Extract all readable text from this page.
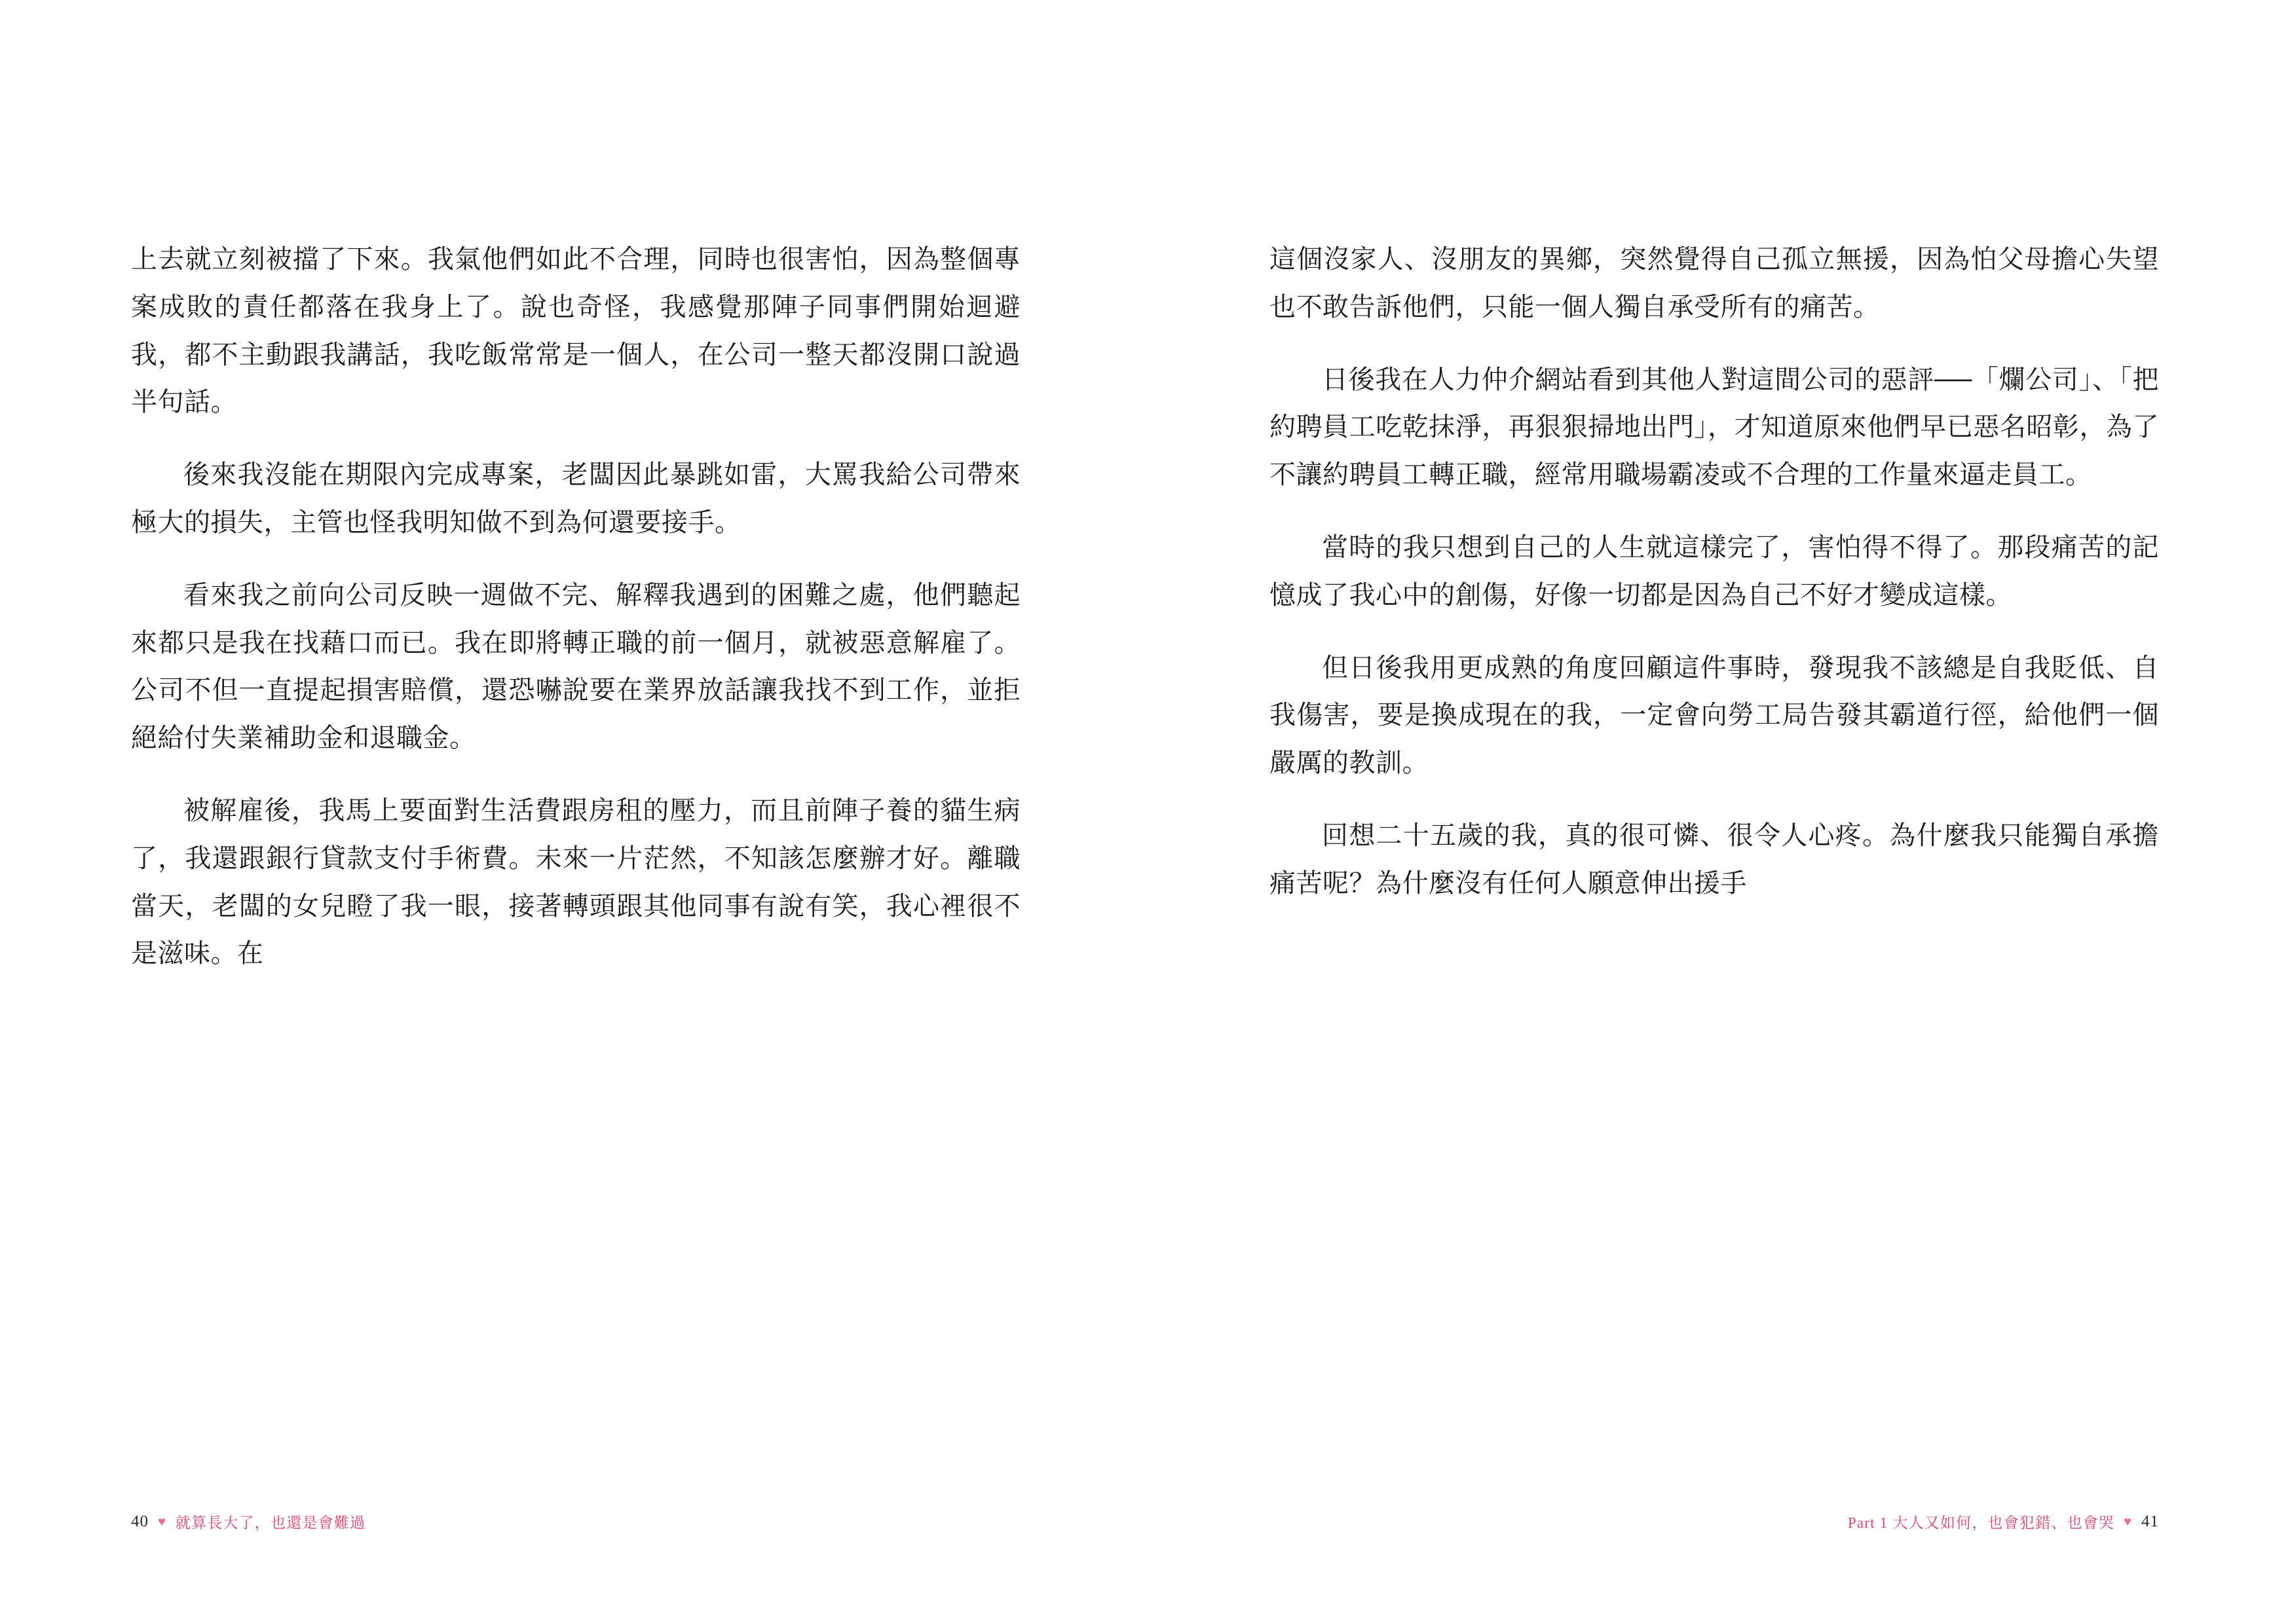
上去就立刻被擋了下來。我氣他們如此不合理，同時也很害怕，因為整個專案成敗的責任都落在我身上了。說也奇怪，我感覺那陣子同事們開始迴避我，都不主動跟我講話，我吃飯常常是一個人，在公司一整天都沒開口說過半句話。

後來我沒能在期限內完成專案，老闆因此暴跳如雷，大罵我給公司帶來極大的損失，主管也怪我明知做不到為何還要接手。

看來我之前向公司反映一週做不完、解釋我遇到的困難之處，他們聽起來都只是我在找藉口而已。我在即將轉正職的前一個月，就被惡意解雇了。公司不但一直提起損害賠償，還恐嚇說要在業界放話讓我找不到工作，並拒絕給付失業補助金和退職金。

被解雇後，我馬上要面對生活費跟房租的壓力，而且前陣子養的貓生病了，我還跟銀行貸款支付手術費。未來一片茫然，不知該怎麼辦才好。離職當天，老闆的女兒瞪了我一眼，接著轉頭跟其他同事有說有笑，我心裡很不是滋味。在

40 ♥ 就算長大了，也還是會難過

這個沒家人、沒朋友的異鄉，突然覺得自己孤立無援，因為怕父母擔心失望也不敢告訴他們，只能一個人獨自承受所有的痛苦。

日後我在人力仲介網站看到其他人對這間公司的惡評──「爛公司」、「把約聘員工吃乾抹淨，再狠狠掃地出門」，才知道原來他們早已惡名昭彰，為了不讓約聘員工轉正職，經常用職場霸凌或不合理的工作量來逼走員工。

當時的我只想到自己的人生就這樣完了，害怕得不得了。那段痛苦的記憶成了我心中的創傷，好像一切都是因為自己不好才變成這樣。

但日後我用更成熟的角度回顧這件事時，發現我不該總是自我貶低、自我傷害，要是換成現在的我，一定會向勞工局告發其霸道行徑，給他們一個嚴厲的教訓。

回想二十五歲的我，真的很可憐、很令人心疼。為什麼我只能獨自承擔痛苦呢？為什麼沒有任何人願意伸出援手

Part 1 大人又如何，也會犯錯、也會哭 ♥ 41
